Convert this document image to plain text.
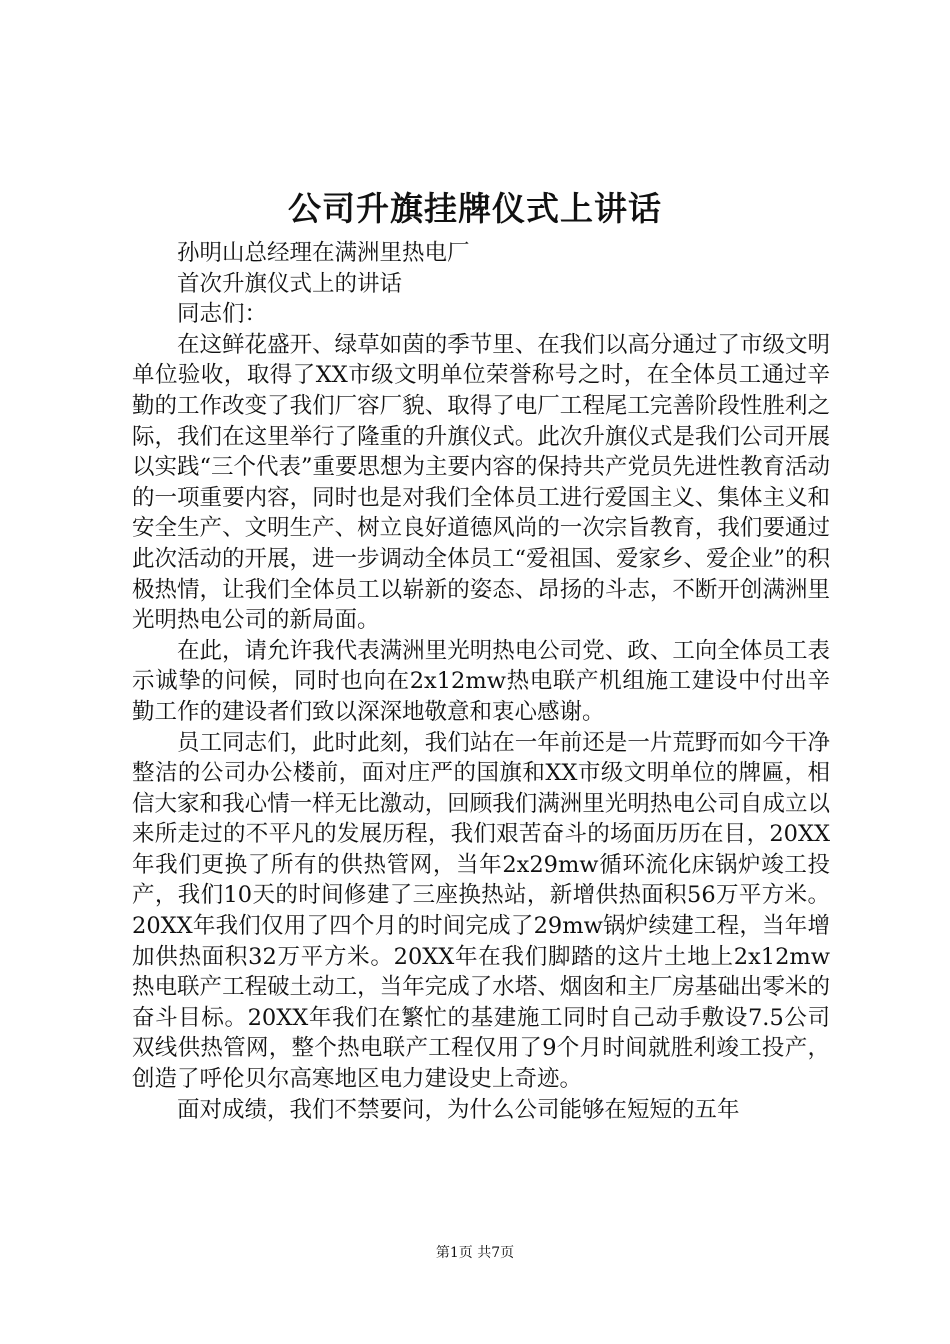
公司升旗挂牌仪式上讲话

孙明山总经理在满洲里热电厂

首次升旗仪式上的讲话

同志们：

在这鲜花盛开、绿草如茵的季节里、在我们以高分通过了市级文明单位验收，取得了XX市级文明单位荣誉称号之时，在全体员工通过辛勤的工作改变了我们厂容厂貌、取得了电厂工程尾工完善阶段性胜利之际，我们在这里举行了隆重的升旗仪式。此次升旗仪式是我们公司开展以实践“三个代表”重要思想为主要内容的保持共产党员先进性教育活动的一项重要内容，同时也是对我们全体员工进行爱国主义、集体主义和安全生产、文明生产、树立良好道德风尚的一次宗旨教育，我们要通过此次活动的开展，进一步调动全体员工“爱祖国、爱家乡、爱企业”的积极热情，让我们全体员工以崭新的姿态、昂扬的斗志，不断开创满洲里光明热电公司的新局面。

在此，请允许我代表满洲里光明热电公司党、政、工向全体员工表示诚挚的问候，同时也向在2x12mw热电联产机组施工建设中付出辛勤工作的建设者们致以深深地敬意和衷心感谢。

员工同志们，此时此刻，我们站在一年前还是一片荒野而如今干净整洁的公司办公楼前，面对庄严的国旗和XX市级文明单位的牌匾，相信大家和我心情一样无比激动，回顾我们满洲里光明热电公司自成立以来所走过的不平凡的发展历程，我们艰苦奋斗的场面历历在目，20XX年我们更换了所有的供热管网，当年2x29mw循环流化床锅炉竣工投产，我们10天的时间修建了三座换热站，新增供热面积56万平方米。20XX年我们仅用了四个月的时间完成了29mw锅炉续建工程，当年增加供热面积32万平方米。20XX年在我们脚踏的这片土地上2x12mw热电联产工程破土动工，当年完成了水塔、烟囱和主厂房基础出零米的奋斗目标。20XX年我们在繁忙的基建施工同时自己动手敷设7.5公司双线供热管网，整个热电联产工程仅用了9个月时间就胜利竣工投产，创造了呼伦贝尔高寒地区电力建设史上奇迹。

面对成绩，我们不禁要问，为什么公司能够在短短的五年

第1页 共7页
